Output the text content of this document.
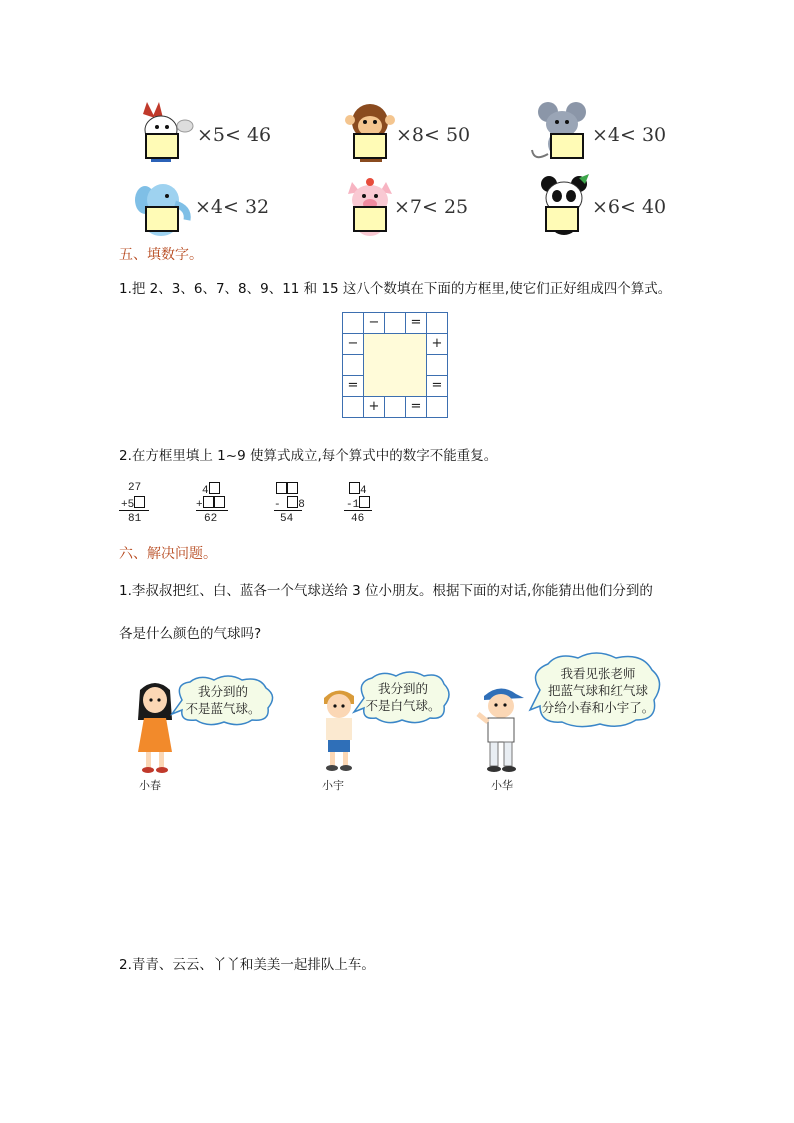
×5< 46	×8< 50	×4< 30
×4< 32	×7< 25	×6< 40
五、填数字。
1.把 2、3、6、7、8、9、11 和 15 这八个数填在下面的方框里,使它们正好组成四个算式。
	−		=	
−				+

=				=
	+		=	
2.在方框里填上 1~9 使算式成立,每个算式中的数字不能重复。
27
+5
81
4
+
62
- 8
54
4
-1
46
六、解决问题。
1.李叔叔把红、白、蓝各一个气球送给 3 位小朋友。根据下面的对话,你能猜出他们分到的
各是什么颜色的气球吗?
我分到的
不是蓝气球。
小春
我分到的
不是白气球。
小宇
我看见张老师
把蓝气球和红气球
分给小春和小宇了。
小华
2.青青、云云、丫丫和美美一起排队上车。
